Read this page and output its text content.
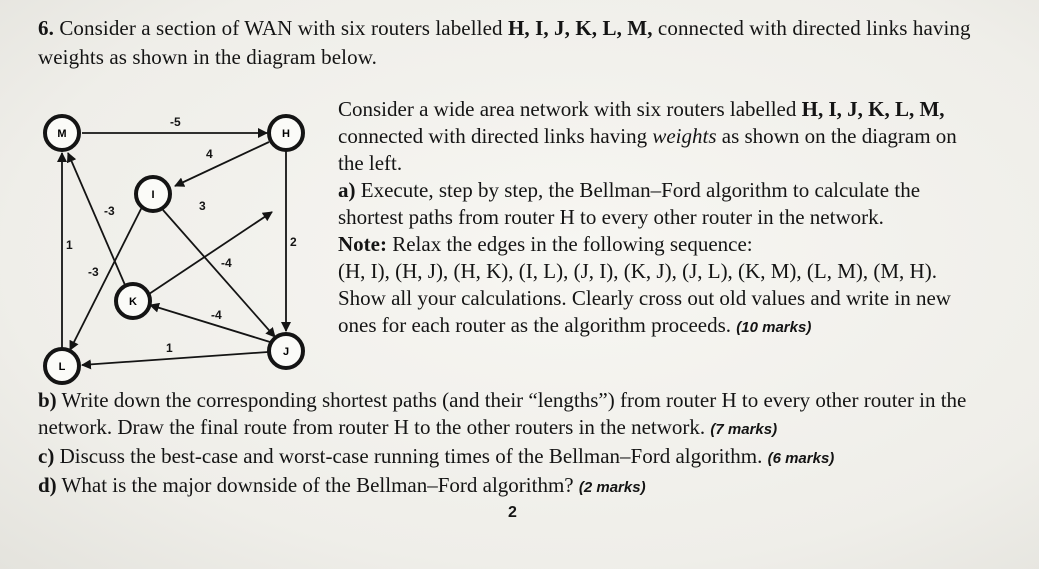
6. Consider a section of WAN with six routers labelled H, I, J, K, L, M, connected with directed links having weights as shown in the diagram below.
-5
4
3
-3
2
-4
-4
-3
1
1
M	H
I
K
L
J

Consider a wide area network with six routers labelled H, I, J, K, L, M, connected with directed links having weights as shown on the diagram on the left.

a) Execute, step by step, the Bellman–Ford algorithm to calculate the shortest paths from router H to every other router in the network.

Note: Relax the edges in the following sequence:

(H, I), (H, J), (H, K), (I, L), (J, I), (K, J), (J, L), (K, M), (L, M), (M, H).

Show all your calculations. Clearly cross out old values and write in new ones for each router as the algorithm proceeds. (10 marks)

b) Write down the corresponding shortest paths (and their “lengths”) from router H to every other router in the network. Draw the final route from router H to the other routers in the network. (7 marks)

c) Discuss the best-case and worst-case running times of the Bellman–Ford algorithm. (6 marks)

d) What is the major downside of the Bellman–Ford algorithm? (2 marks)

2
